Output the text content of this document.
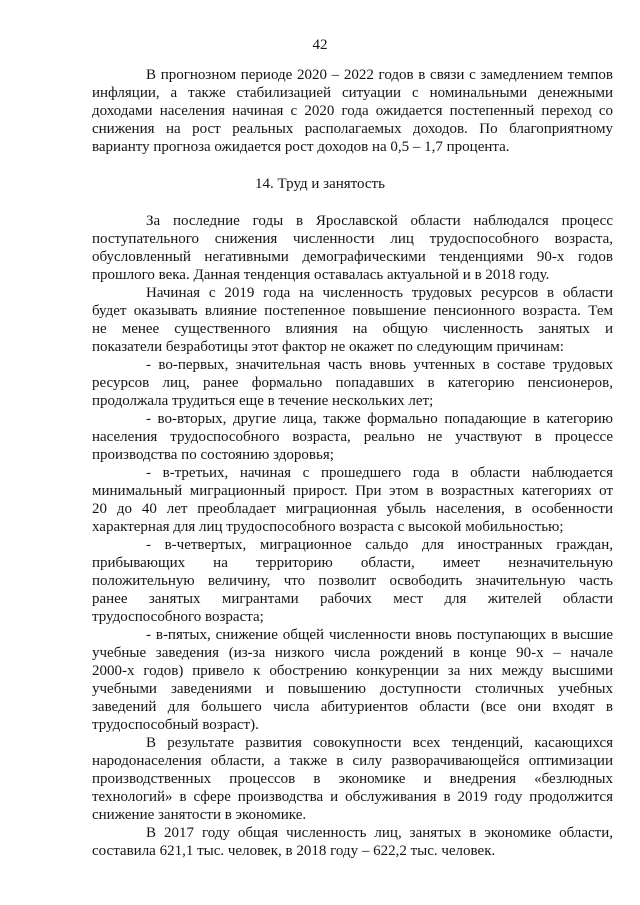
42
14. Труд и занятость
В прогнозном периоде 2020 – 2022 годов в связи с замедлением темпов
инфляции, а также стабилизацией ситуации с номинальными денежными
доходами населения начиная с 2020 года ожидается постепенный переход со
снижения на рост реальных располагаемых доходов. По благоприятному
варианту прогноза ожидается рост доходов на 0,5 – 1,7 процента.
За последние годы в Ярославской области наблюдался процесс
поступательного снижения численности лиц трудоспособного возраста,
обусловленный негативными демографическими тенденциями 90-х годов
прошлого века. Данная тенденция оставалась актуальной и в 2018 году.
Начиная с 2019 года на численность трудовых ресурсов в области
будет оказывать влияние постепенное повышение пенсионного возраста. Тем
не менее существенного влияния на общую численность занятых и
показатели безработицы этот фактор не окажет по следующим причинам:
- во-первых, значительная часть вновь учтенных в составе трудовых
ресурсов лиц, ранее формально попадавших в категорию пенсионеров,
продолжала трудиться еще в течение нескольких лет;
- во-вторых, другие лица, также формально попадающие в категорию
населения трудоспособного возраста, реально не участвуют в процессе
производства по состоянию здоровья;
- в-третьих, начиная с прошедшего года в области наблюдается
минимальный миграционный прирост. При этом в возрастных категориях от
20 до 40 лет преобладает миграционная убыль населения, в особенности
характерная для лиц трудоспособного возраста с высокой мобильностью;
- в-четвертых, миграционное сальдо для иностранных граждан,
прибывающих на территорию области, имеет незначительную
положительную величину, что позволит освободить значительную часть
ранее занятых мигрантами рабочих мест для жителей области
трудоспособного возраста;
- в-пятых, снижение общей численности вновь поступающих в высшие
учебные заведения (из-за низкого числа рождений в конце 90-х – начале
2000-х годов) привело к обострению конкуренции за них между высшими
учебными заведениями и повышению доступности столичных учебных
заведений для большего числа абитуриентов области (все они входят в
трудоспособный возраст).
В результате развития совокупности всех тенденций, касающихся
народонаселения области, а также в силу разворачивающейся оптимизации
производственных процессов в экономике и внедрения «безлюдных
технологий» в сфере производства и обслуживания в 2019 году продолжится
снижение занятости в экономике.
В 2017 году общая численность лиц, занятых в экономике области,
составила 621,1 тыс. человек, в 2018 году – 622,2 тыс. человек.
